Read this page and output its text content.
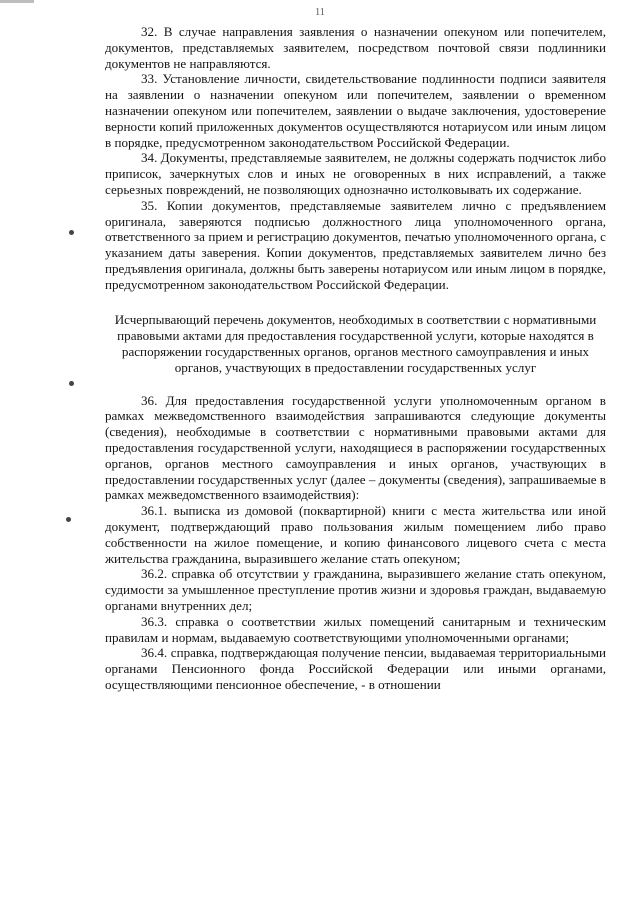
11

32. В случае направления заявления о назначении опекуном или попечителем, документов, представляемых заявителем, посредством почтовой связи подлинники документов не направляются.

33. Установление личности, свидетельствование подлинности подписи заявителя на заявлении о назначении опекуном или попечителем, заявлении о временном назначении опекуном или попечителем, заявлении о выдаче заключения, удостоверение верности копий приложенных документов осуществляются нотариусом или иным лицом в порядке, предусмотренном законодательством Российской Федерации.

34. Документы, представляемые заявителем, не должны содержать подчисток либо приписок, зачеркнутых слов и иных не оговоренных в них исправлений, а также серьезных повреждений, не позволяющих однозначно истолковывать их содержание.

35. Копии документов, представляемые заявителем лично с предъявлением оригинала, заверяются подписью должностного лица уполномоченного органа, ответственного за прием и регистрацию документов, печатью уполномоченного органа, с указанием даты заверения. Копии документов, представляемых заявителем лично без предъявления оригинала, должны быть заверены нотариусом или иным лицом в порядке, предусмотренном законодательством Российской Федерации.

Исчерпывающий перечень документов, необходимых в соответствии с нормативными правовыми актами для предоставления государственной услуги, которые находятся в распоряжении государственных органов, органов местного самоуправления и иных органов, участвующих в предоставлении государственных услуг

36. Для предоставления государственной услуги уполномоченным органом в рамках межведомственного взаимодействия запрашиваются следующие документы (сведения), необходимые в соответствии с нормативными правовыми актами для предоставления государственной услуги, находящиеся в распоряжении государственных органов, органов местного самоуправления и иных органов, участвующих в предоставлении государственных услуг (далее – документы (сведения), запрашиваемые в рамках межведомственного взаимодействия):

36.1. выписка из домовой (поквартирной) книги с места жительства или иной документ, подтверждающий право пользования жилым помещением либо право собственности на жилое помещение, и копию финансового лицевого счета с места жительства гражданина, выразившего желание стать опекуном;

36.2. справка об отсутствии у гражданина, выразившего желание стать опекуном, судимости за умышленное преступление против жизни и здоровья граждан, выдаваемую органами внутренних дел;

36.3. справка о соответствии жилых помещений санитарным и техническим правилам и нормам, выдаваемую соответствующими уполномоченными органами;

36.4. справка, подтверждающая получение пенсии, выдаваемая территориальными органами Пенсионного фонда Российской Федерации или иными органами, осуществляющими пенсионное обеспечение, - в отношении
